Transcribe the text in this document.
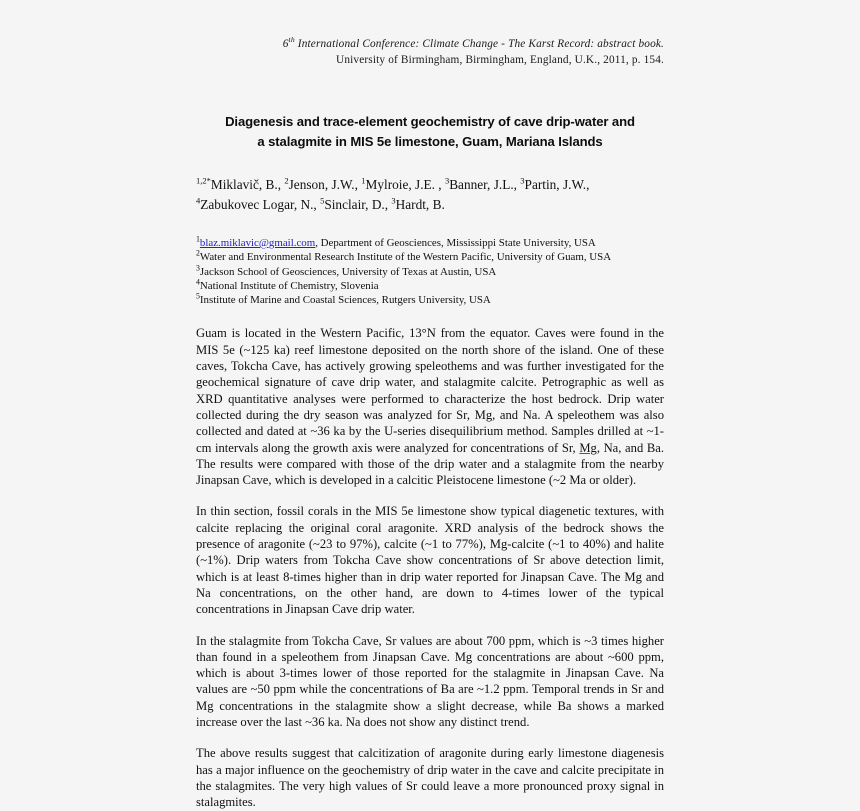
6th International Conference: Climate Change - The Karst Record: abstract book.
University of Birmingham, Birmingham, England, U.K., 2011, p. 154.
Diagenesis and trace-element geochemistry of cave drip-water and
a stalagmite in MIS 5e limestone, Guam, Mariana Islands
$^{1,2*}$Miklavič, B., $^2$Jenson, J.W., $^1$Mylroie, J.E. , $^3$Banner, J.L., $^3$Partin, J.W.,
$^4$Zabukovec Logar, N., $^5$Sinclair, D., $^3$Hardt, B.
$^1$blaz.miklavic@gmail.com, Department of Geosciences, Mississippi State University, USA
$^2$Water and Environmental Research Institute of the Western Pacific, University of Guam, USA
$^3$Jackson School of Geosciences, University of Texas at Austin, USA
$^4$National Institute of Chemistry, Slovenia
$^5$Institute of Marine and Coastal Sciences, Rutgers University, USA

Guam is located in the Western Pacific, 13°N from the equator. Caves were found in the MIS 5e (~125 ka) reef limestone deposited on the north shore of the island. One of these caves, Tokcha Cave, has actively growing speleothems and was further investigated for the geochemical signature of cave drip water, and stalagmite calcite. Petrographic as well as XRD quantitative analyses were performed to characterize the host bedrock. Drip water collected during the dry season was analyzed for Sr, Mg, and Na. A speleothem was also collected and dated at ~36 ka by the U-series disequilibrium method. Samples drilled at ~1-cm intervals along the growth axis were analyzed for concentrations of Sr, Mg, Na, and Ba. The results were compared with those of the drip water and a stalagmite from the nearby Jinapsan Cave, which is developed in a calcitic Pleistocene limestone (~2 Ma or older).

In thin section, fossil corals in the MIS 5e limestone show typical diagenetic textures, with calcite replacing the original coral aragonite. XRD analysis of the bedrock shows the presence of aragonite (~23 to 97%), calcite (~1 to 77%), Mg-calcite (~1 to 40%) and halite (~1%). Drip waters from Tokcha Cave show concentrations of Sr above detection limit, which is at least 8-times higher than in drip water reported for Jinapsan Cave. The Mg and Na concentrations, on the other hand, are down to 4-times lower of the typical concentrations in Jinapsan Cave drip water.

In the stalagmite from Tokcha Cave, Sr values are about 700 ppm, which is ~3 times higher than found in a speleothem from Jinapsan Cave. Mg concentrations are about ~600 ppm, which is about 3-times lower of those reported for the stalagmite in Jinapsan Cave. Na values are ~50 ppm while the concentrations of Ba are ~1.2 ppm. Temporal trends in Sr and Mg concentrations in the stalagmite show a slight decrease, while Ba shows a marked increase over the last ~36 ka. Na does not show any distinct trend.

The above results suggest that calcitization of aragonite during early limestone diagenesis has a major influence on the geochemistry of drip water in the cave and calcite precipitate in the stalagmites. The very high values of Sr could leave a more pronounced proxy signal in stalagmites.
